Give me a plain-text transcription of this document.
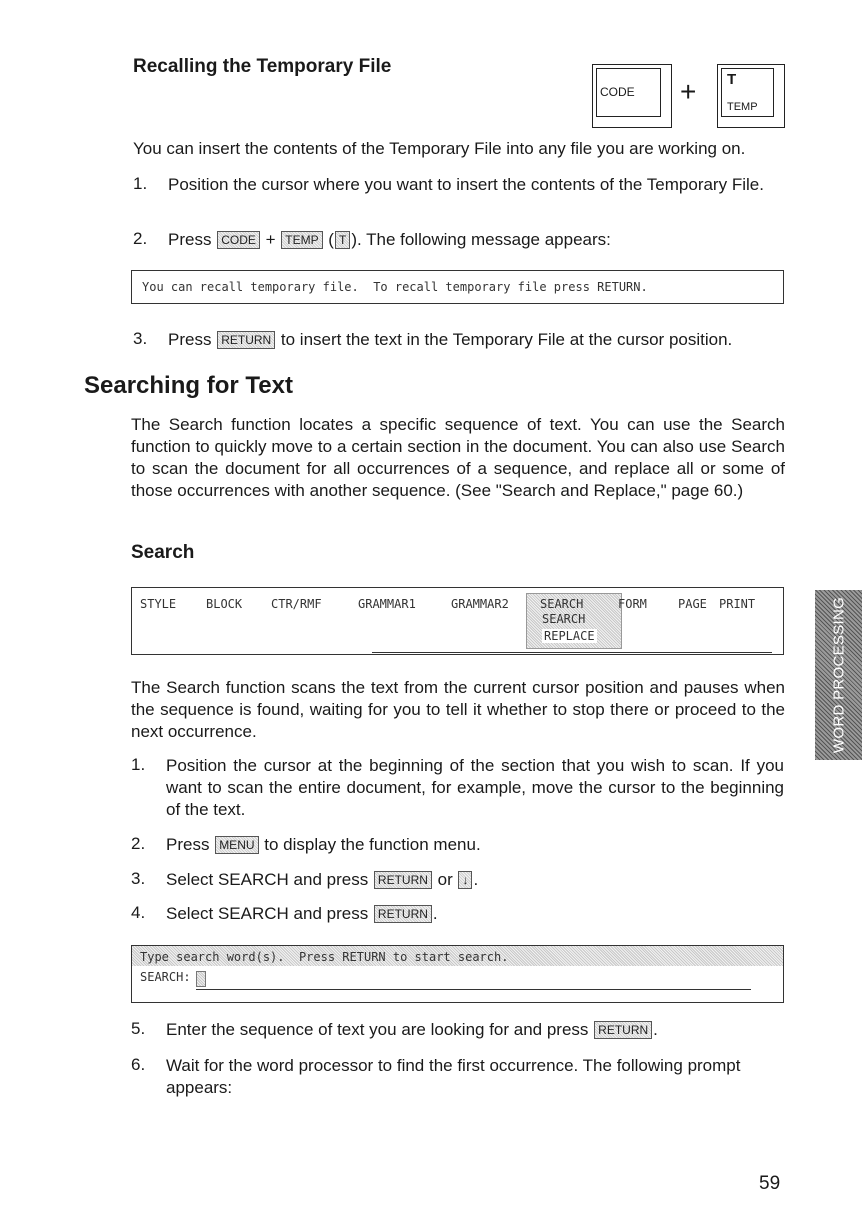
Recalling the Temporary File
CODE + T
TEMP
You can insert the contents of the Temporary File into any file you are working on.
1. Position the cursor where you want to insert the contents of the Temporary File.
2. Press CODE + TEMP ( T ). The following message appears:
You can recall temporary file.  To recall temporary file press RETURN.
3. Press RETURN to insert the text in the Temporary File at the cursor position.
Searching for Text
The Search function locates a specific sequence of text. You can use the Search function to quickly move to a certain section in the document. You can also use Search to scan the document for all occurrences of a sequence, and replace all or some of those occurrences with another sequence. (See "Search and Replace," page 60.)
Search
STYLE BLOCK CTR/RMF	GRAMMAR1	GRAMMAR2	SEARCH	FORM	PAGE PRINT
SEARCH
REPLACE
The Search function scans the text from the current cursor position and pauses when the sequence is found, waiting for you to tell it whether to stop there or proceed to the next occurrence.
1. Position the cursor at the beginning of the section that you wish to scan. If you want to scan the entire document, for example, move the cursor to the beginning of the text.
2. Press MENU to display the function menu.
3. Select SEARCH and press RETURN or ↓ .
4. Select SEARCH and press RETURN .
Type search word(s).  Press RETURN to start search.
SEARCH:
5. Enter the sequence of text you are looking for and press RETURN .
6. Wait for the word processor to find the first occurrence. The following prompt appears:
WORD PROCESSING
59
